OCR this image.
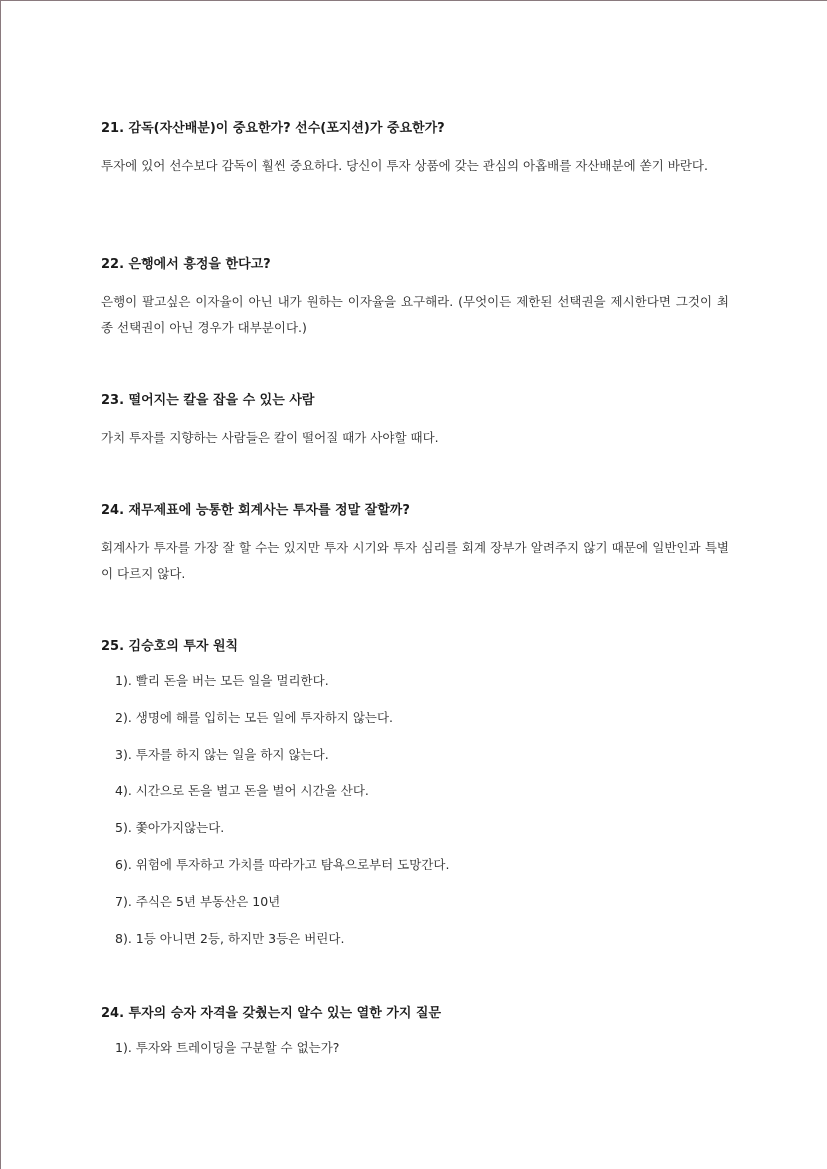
21. 감독(자산배분)이 중요한가? 선수(포지션)가 중요한가?

투자에 있어 선수보다 감독이 훨씬 중요하다. 당신이 투자 상품에 갖는 관심의 아홉배를 자산배분에 쏟기 바란다.

22. 은행에서 흥정을 한다고?

은행이 팔고싶은 이자율이 아닌 내가 원하는 이자율을 요구해라. (무엇이든 제한된 선택권을 제시한다면 그것이 최종 선택권이 아닌 경우가 대부분이다.)

23. 떨어지는 칼을 잡을 수 있는 사람

가치 투자를 지향하는 사람들은 칼이 떨어질 때가 사야할 때다.

24. 재무제표에 능통한 회계사는 투자를 정말 잘할까?

회계사가 투자를 가장 잘 할 수는 있지만 투자 시기와 투자 심리를 회계 장부가 알려주지 않기 때문에 일반인과 특별이 다르지 않다.

25. 김승호의 투자 원칙
1). 빨리 돈을 버는 모든 일을 멀리한다.
2). 생명에 해를 입히는 모든 일에 투자하지 않는다.
3). 투자를 하지 않는 일을 하지 않는다.
4). 시간으로 돈을 벌고 돈을 벌어 시간을 산다.
5). 쫓아가지않는다.
6). 위험에 투자하고 가치를 따라가고 탐욕으로부터 도망간다.
7). 주식은 5년 부동산은 10년
8). 1등 아니면 2등, 하지만 3등은 버린다.
24. 투자의 승자 자격을 갖췄는지 알수 있는 열한 가지 질문
1). 투자와 트레이딩을 구분할 수 없는가?
